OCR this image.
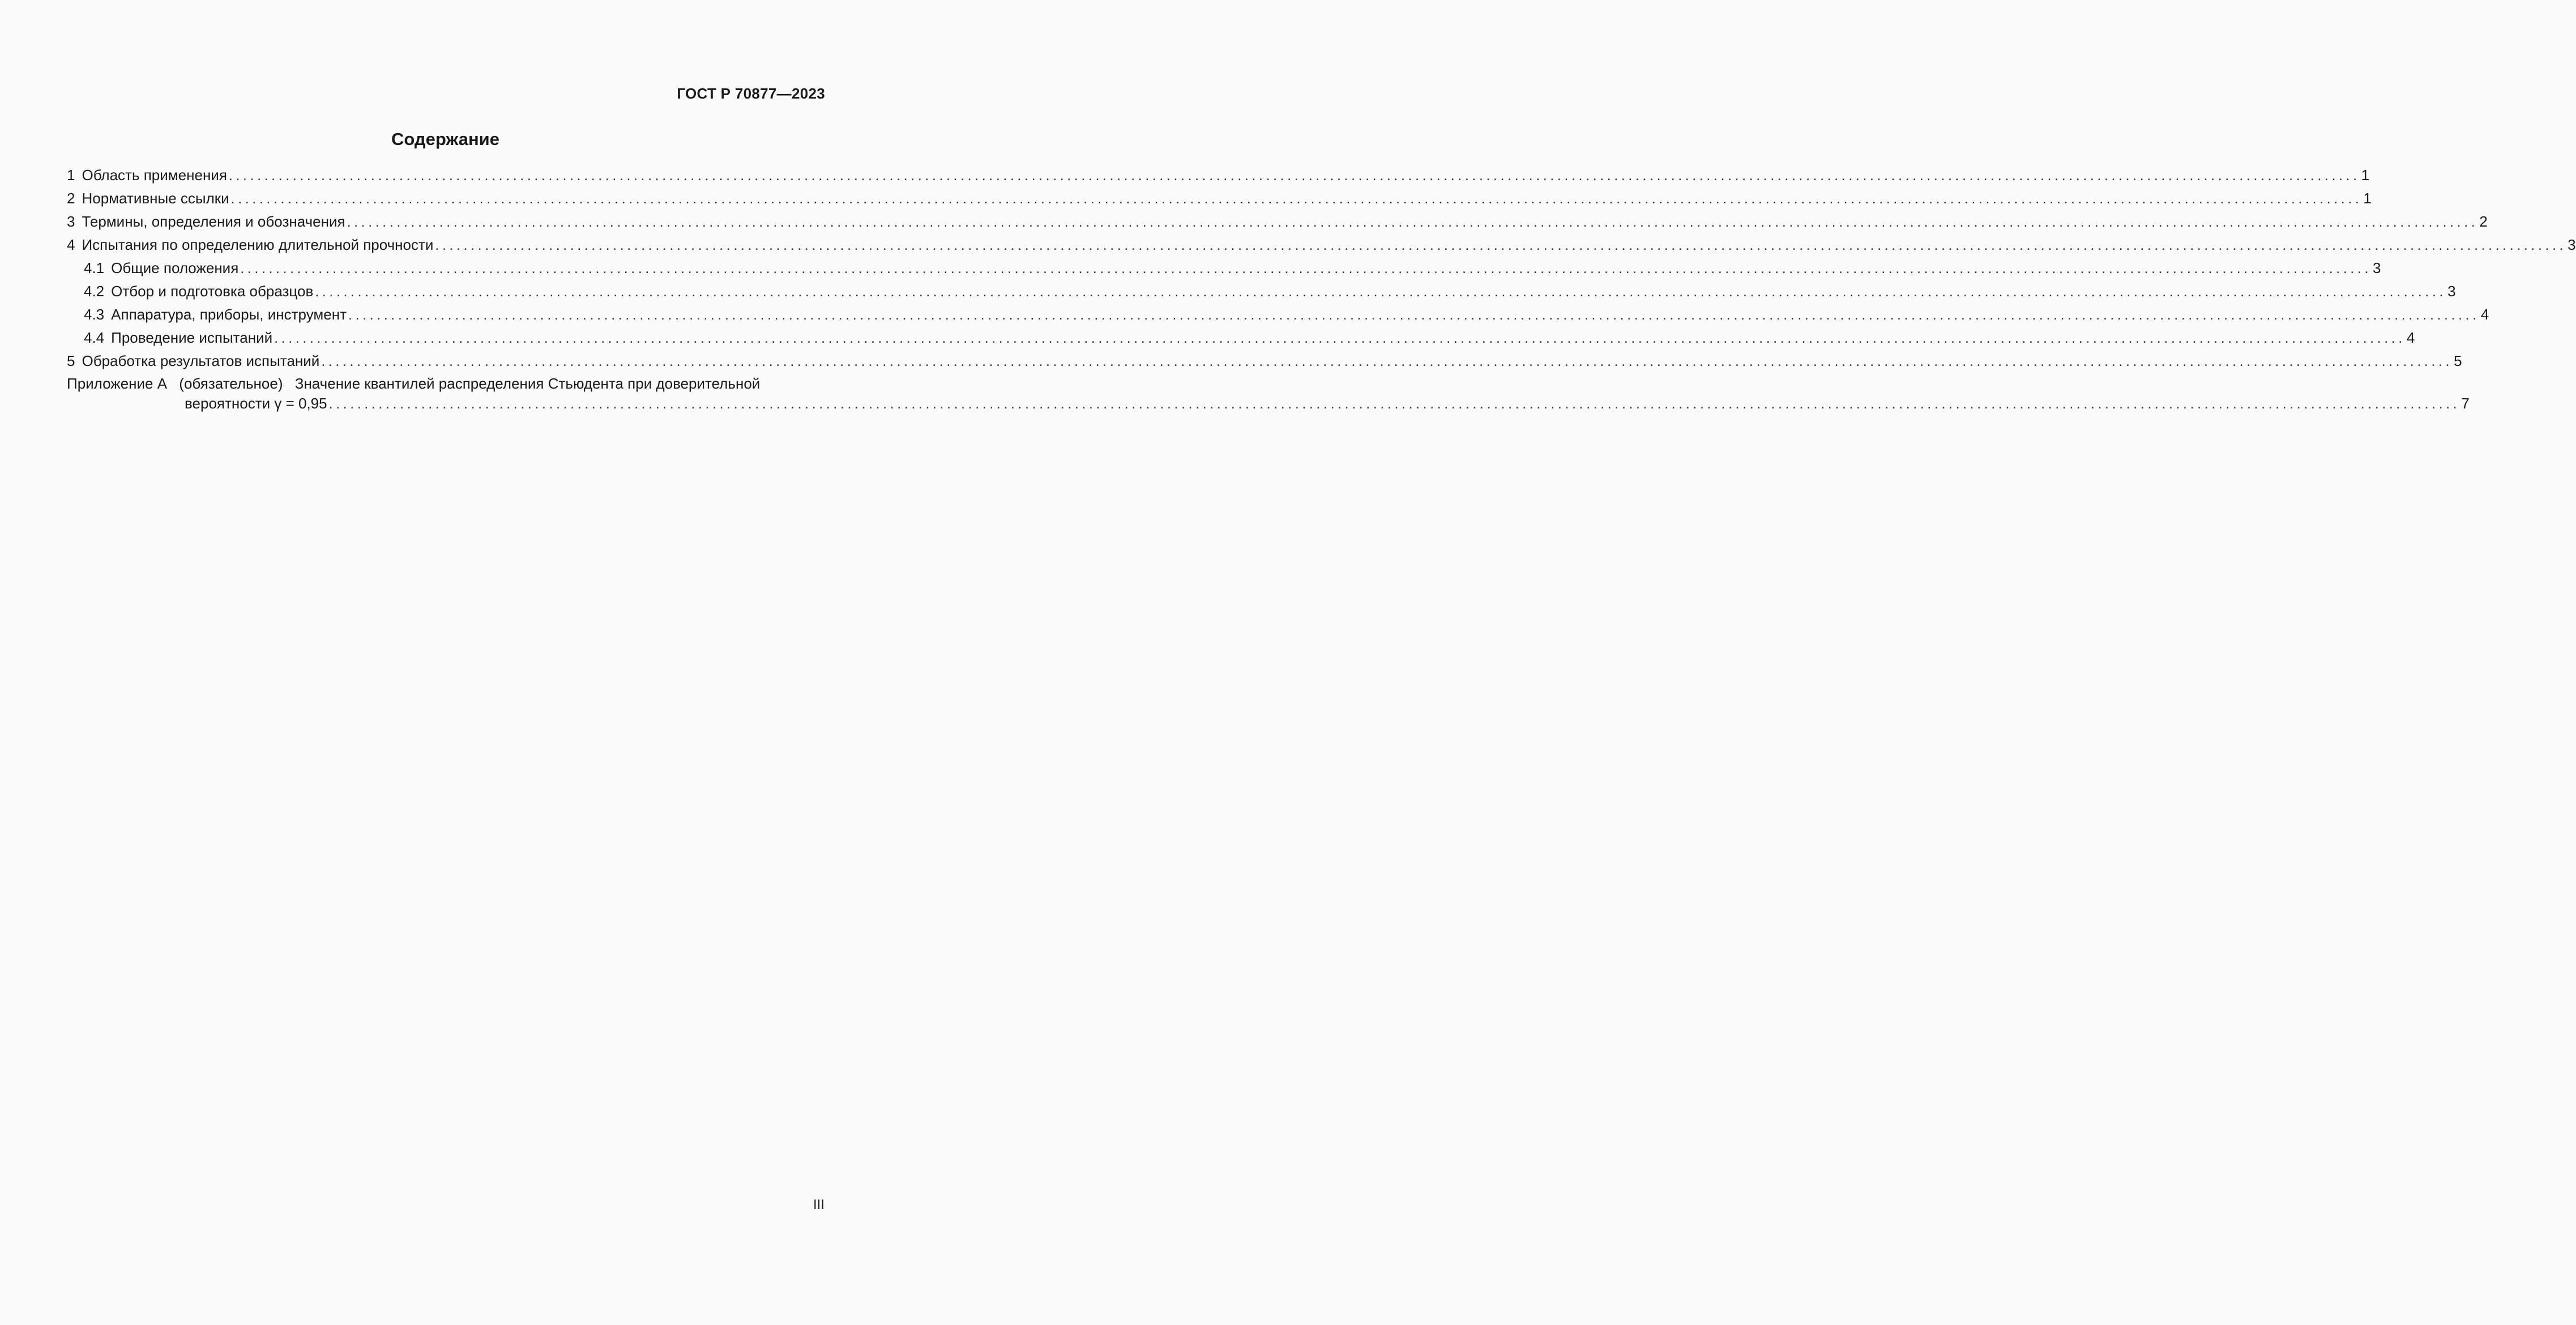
ГОСТ Р 70877—2023
Содержание
1 Область применения ............................................................................................................................................................................................................................................................................................................ 1
2 Нормативные ссылки ............................................................................................................................................................................................................................................................................................................ 1
3 Термины, определения и обозначения ............................................................................................................................................................................................................................................................................................................ 2
4 Испытания по определению длительной прочности ............................................................................................................................................................................................................................................................................................................ 3
4.1 Общие положения ............................................................................................................................................................................................................................................................................................................ 3
4.2 Отбор и подготовка образцов ............................................................................................................................................................................................................................................................................................................ 3
4.3 Аппаратура, приборы, инструмент ............................................................................................................................................................................................................................................................................................................ 4
4.4 Проведение испытаний ............................................................................................................................................................................................................................................................................................................ 4
5 Обработка результатов испытаний ............................................................................................................................................................................................................................................................................................................ 5
Приложение А (обязательное) Значение квантилей распределения Стьюдента при доверительной
вероятности γ = 0,95 ............................................................................................................................................................................................................................................................................................................ 7
III
